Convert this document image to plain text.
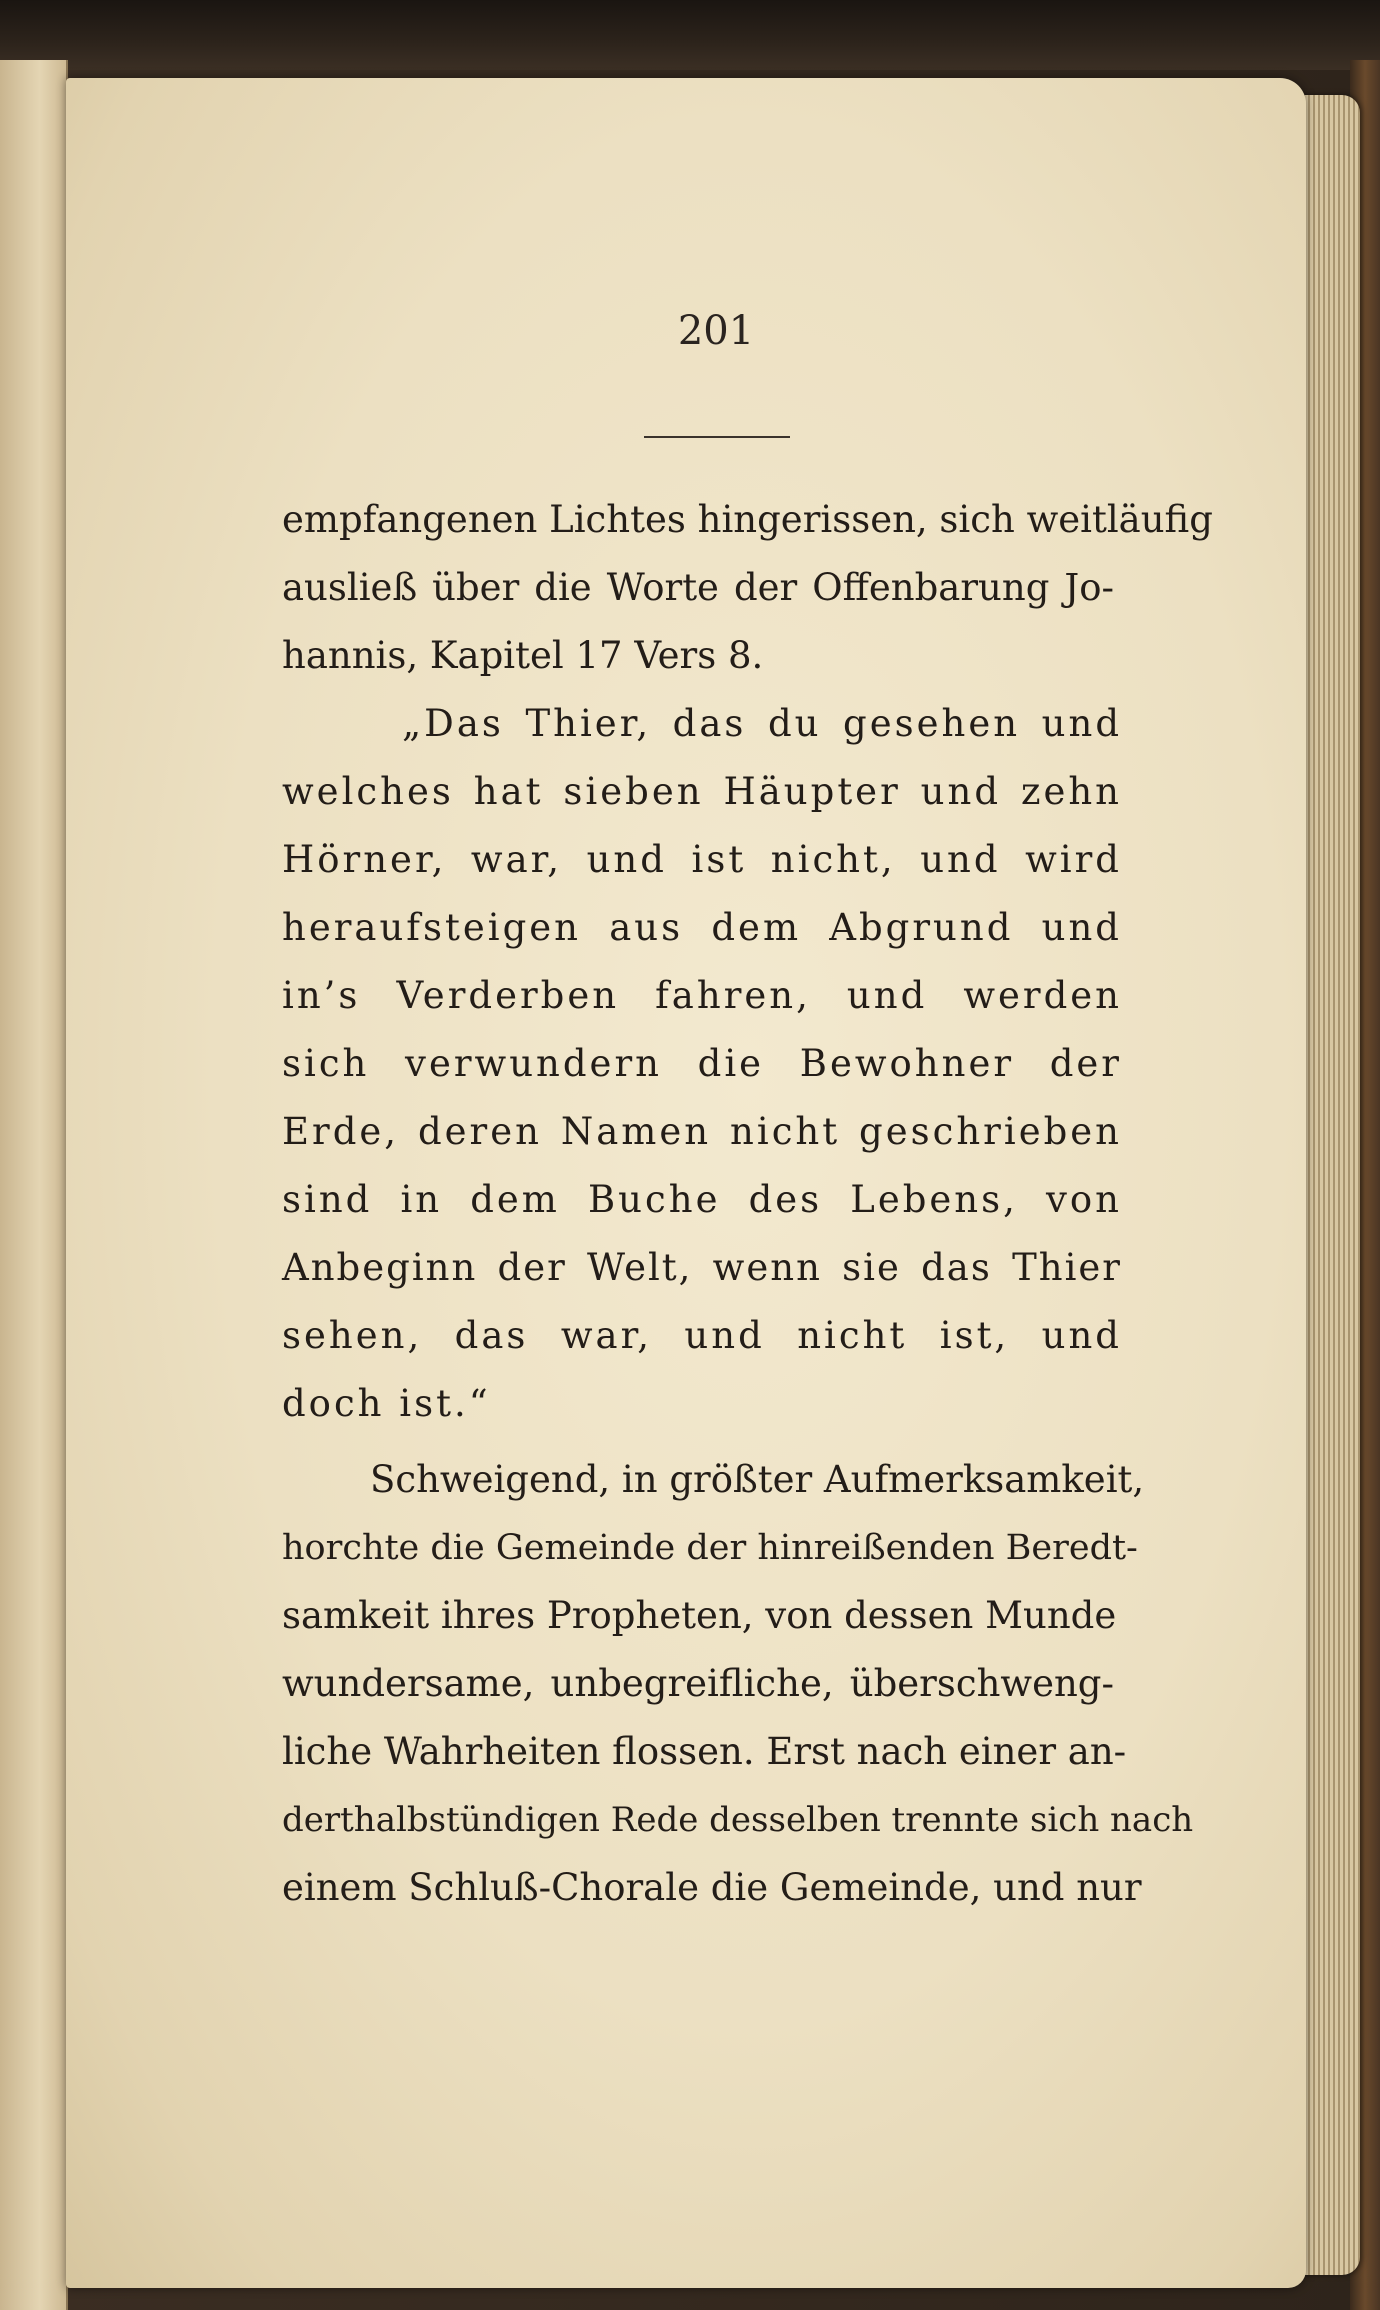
201
empfangenen Lichtes hingerissen, sich weitläufig
ausließ über die Worte der Offenbarung Jo-
hannis, Kapitel 17 Vers 8.
„Das Thier, das du gesehen und
welches hat sieben Häupter und zehn
Hörner, war, und ist nicht, und wird
heraufsteigen aus dem Abgrund und
in’s Verderben fahren, und werden
sich verwundern die Bewohner der
Erde, deren Namen nicht geschrieben
sind in dem Buche des Lebens, von
Anbeginn der Welt, wenn sie das Thier
sehen, das war, und nicht ist, und
doch ist.“
Schweigend, in größter Aufmerksamkeit,
horchte die Gemeinde der hinreißenden Beredt-
samkeit ihres Propheten, von dessen Munde
wundersame, unbegreifliche, überschweng-
liche Wahrheiten flossen. Erst nach einer an-
derthalbstündigen Rede desselben trennte sich nach
einem Schluß-Chorale die Gemeinde, und nur
